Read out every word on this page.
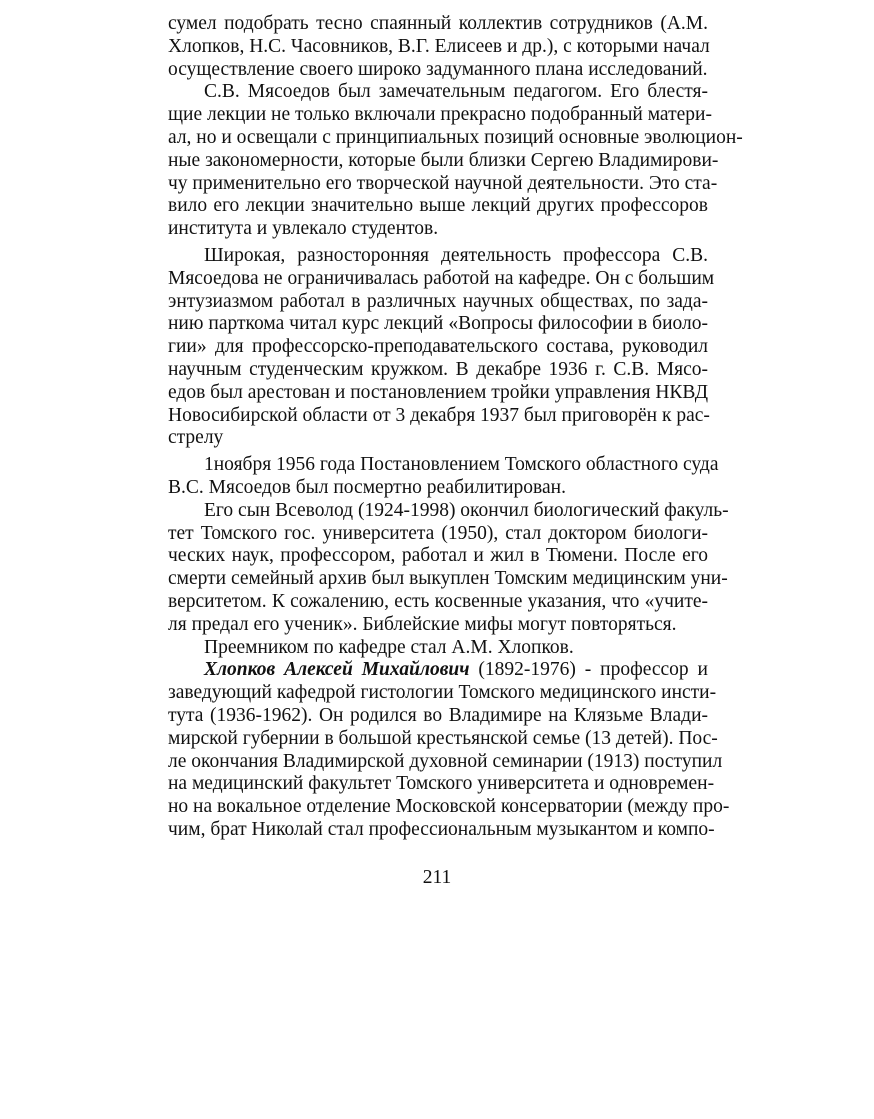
сумел подобрать тесно спаянный коллектив сотрудников (А.М.
Хлопков, Н.С. Часовников, В.Г. Елисеев и др.), с которыми начал
осуществление своего широко задуманного плана исследований.
С.В. Мясоедов был замечательным педагогом. Его блестя-
щие лекции не только включали прекрасно подобранный матери-
ал, но и освещали с принципиальных позиций основные эволюцион-
ные закономерности, которые были близки Сергею Владимирови-
чу применительно его творческой научной деятельности. Это ста-
вило его лекции значительно выше лекций других профессоров
института и увлекало студентов.
Широкая, разносторонняя деятельность профессора С.В.
Мясоедова не ограничивалась работой на кафедре. Он с большим
энтузиазмом работал в различных научных обществах, по зада-
нию парткома читал курс лекций «Вопросы философии в биоло-
гии» для профессорско-преподавательского состава, руководил
научным студенческим кружком. В декабре 1936 г. С.В. Мясо-
едов был арестован и постановлением тройки управления НКВД
Новосибирской области от 3 декабря 1937 был приговорён к рас-
стрелу
1ноября 1956 года Постановлением Томского областного суда
В.С. Мясоедов был посмертно реабилитирован.
Его сын Всеволод (1924-1998) окончил биологический факуль-
тет Томского гос. университета (1950), стал доктором биологи-
ческих наук, профессором, работал и жил в Тюмени. После его
смерти семейный архив был выкуплен Томским медицинским уни-
верситетом. К сожалению, есть косвенные указания, что «учите-
ля предал его ученик». Библейские мифы могут повторяться.
Преемником по кафедре стал А.М. Хлопков.
Хлопков Алексей Михайлович (1892-1976) - профессор и
заведующий кафедрой гистологии Томского медицинского инсти-
тута (1936-1962). Он родился во Владимире на Клязьме Влади-
мирской губернии в большой крестьянской семье (13 детей). Пос-
ле окончания Владимирской духовной семинарии (1913) поступил
на медицинский факультет Томского университета и одновремен-
но на вокальное отделение Московской консерватории (между про-
чим, брат Николай стал профессиональным музыкантом и компо-
211
